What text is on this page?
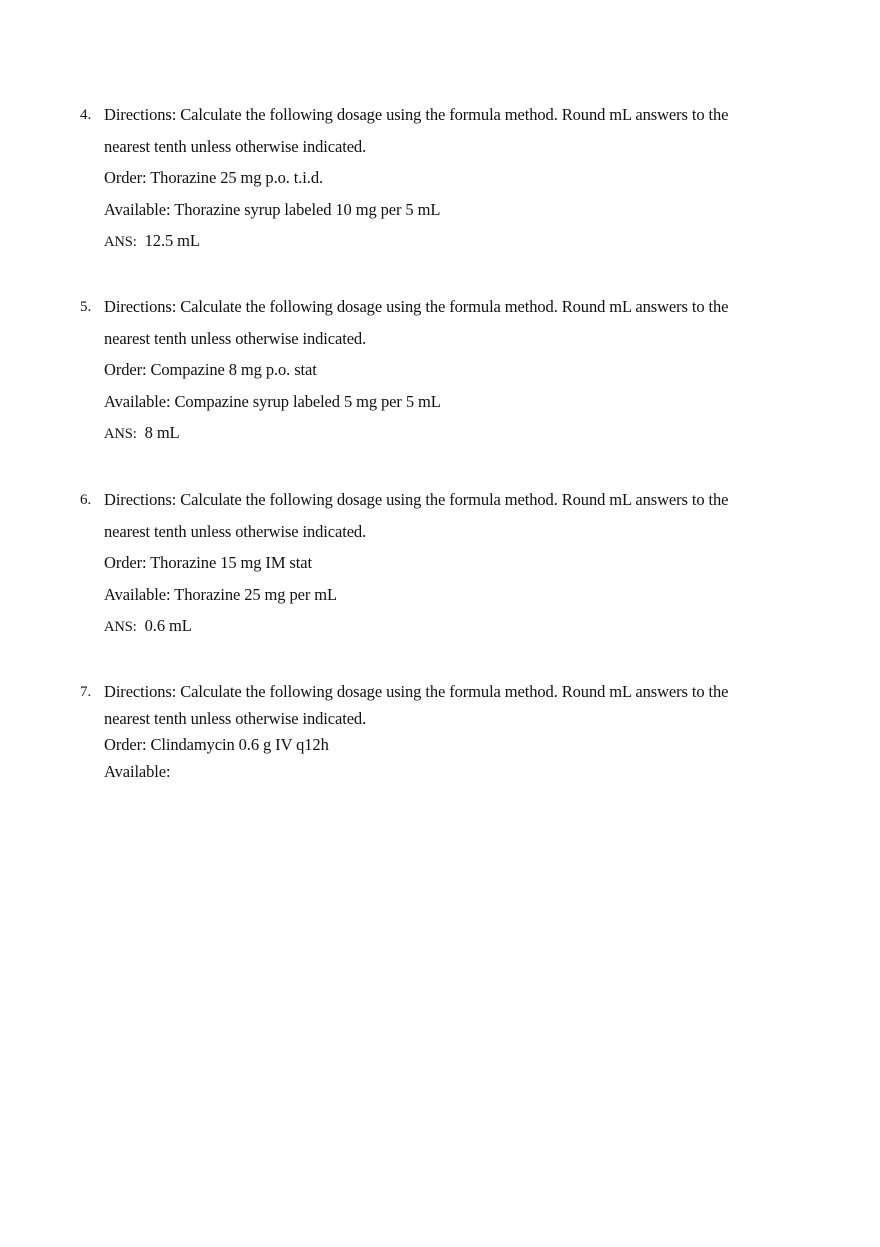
4. Directions: Calculate the following dosage using the formula method. Round mL answers to the
nearest tenth unless otherwise indicated.
Order: Thorazine 25 mg p.o. t.i.d.
Available: Thorazine syrup labeled 10 mg per 5 mL
ANS: 12.5 mL
5. Directions: Calculate the following dosage using the formula method. Round mL answers to the
nearest tenth unless otherwise indicated.
Order: Compazine 8 mg p.o. stat
Available: Compazine syrup labeled 5 mg per 5 mL
ANS: 8 mL
6. Directions: Calculate the following dosage using the formula method. Round mL answers to the
nearest tenth unless otherwise indicated.
Order: Thorazine 15 mg IM stat
Available: Thorazine 25 mg per mL
ANS: 0.6 mL
7. Directions: Calculate the following dosage using the formula method. Round mL answers to the
nearest tenth unless otherwise indicated.
Order: Clindamycin 0.6 g IV q12h
Available:
